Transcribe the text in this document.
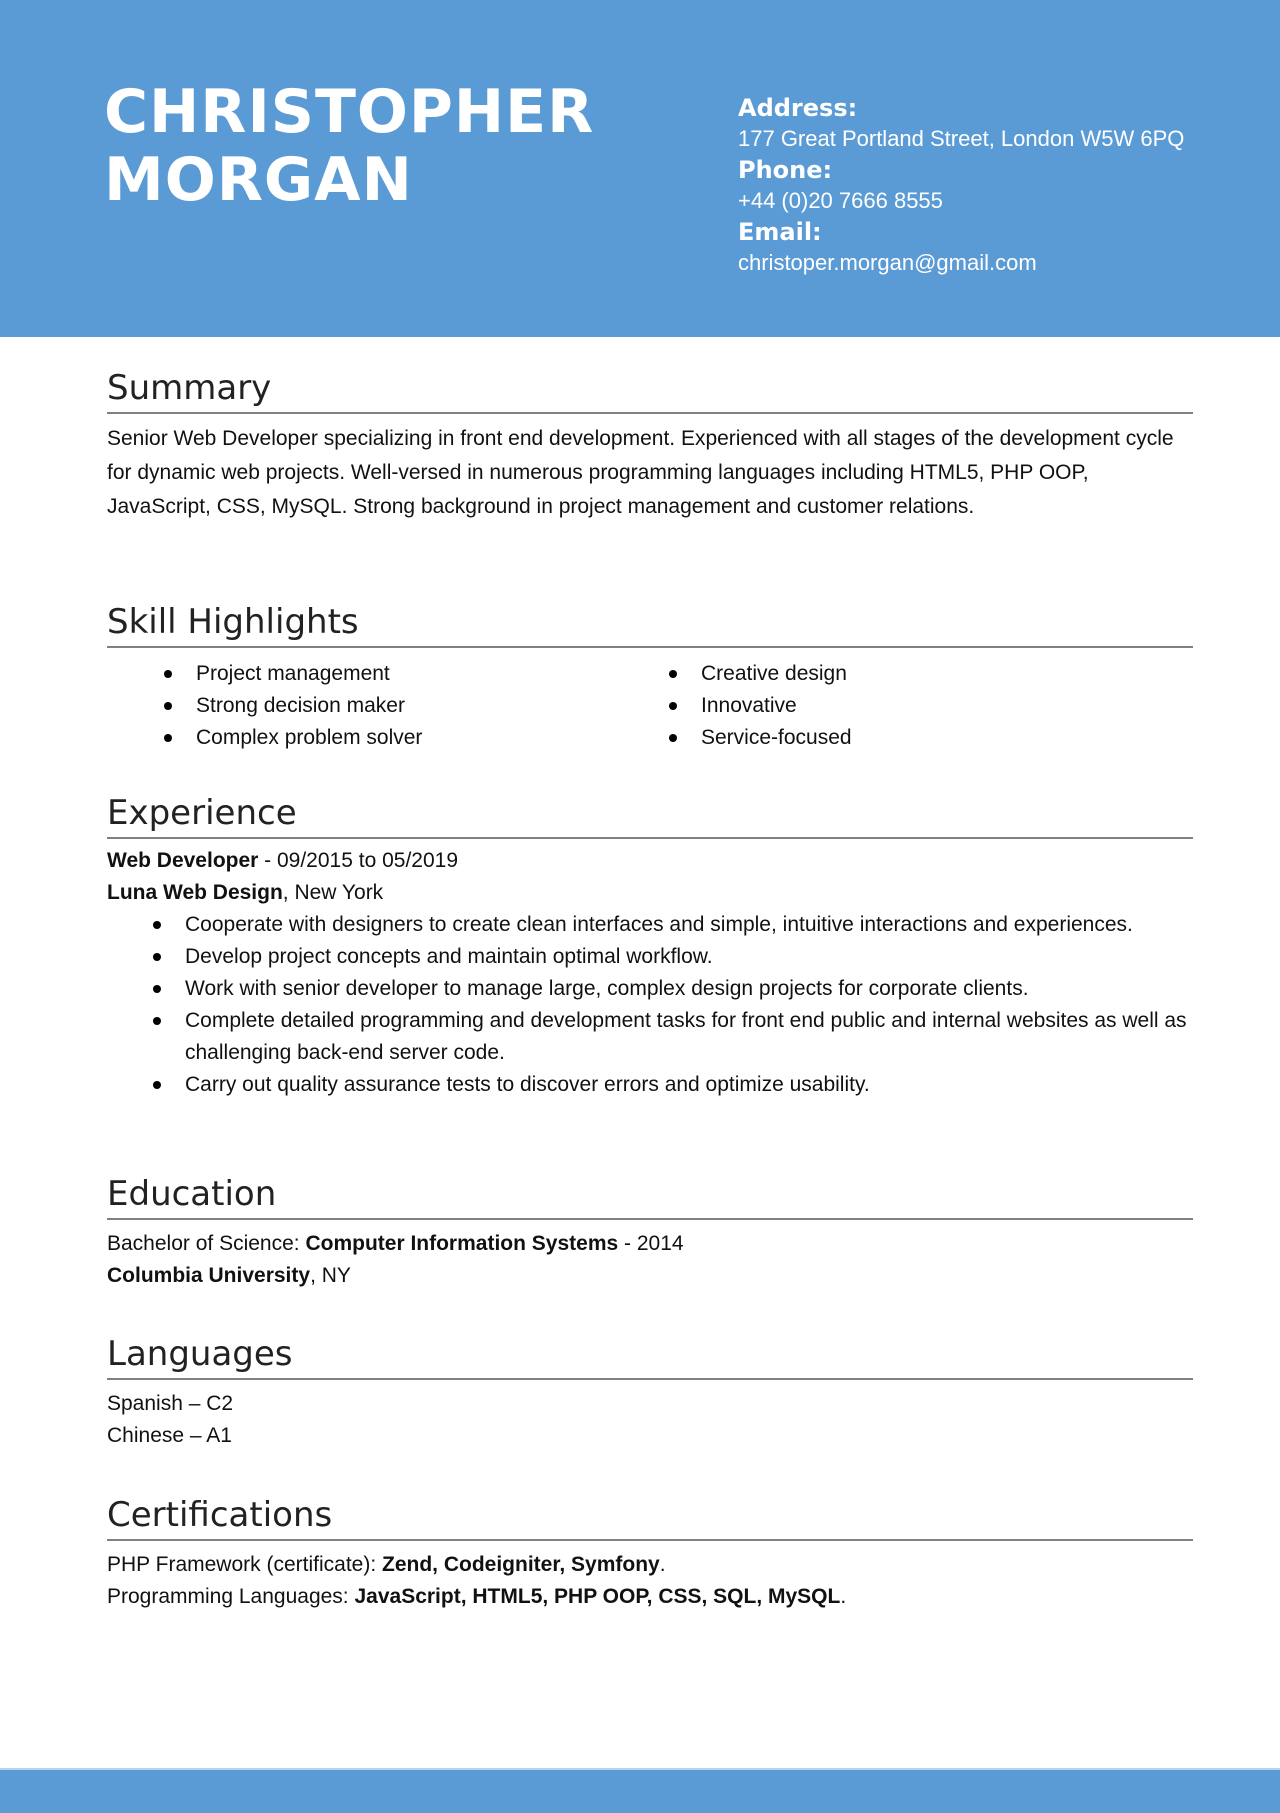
CHRISTOPHER
MORGAN
Address:
177 Great Portland Street, London W5W 6PQ
Phone:
+44 (0)20 7666 8555
Email:
christoper.morgan@gmail.com
Summary
Senior Web Developer specializing in front end development. Experienced with all stages of the development cycle for dynamic web projects. Well-versed in numerous programming languages including HTML5, PHP OOP, JavaScript, CSS, MySQL. Strong background in project management and customer relations.
Skill Highlights
Project management
Strong decision maker
Complex problem solver
Creative design
Innovative
Service-focused
Experience
Web Developer - 09/2015 to 05/2019
Luna Web Design, New York
Cooperate with designers to create clean interfaces and simple, intuitive interactions and experiences.
Develop project concepts and maintain optimal workflow.
Work with senior developer to manage large, complex design projects for corporate clients.
Complete detailed programming and development tasks for front end public and internal websites as well as challenging back-end server code.
Carry out quality assurance tests to discover errors and optimize usability.
Education
Bachelor of Science: Computer Information Systems - 2014
Columbia University, NY
Languages
Spanish – C2
Chinese – A1
Certifications
PHP Framework (certificate): Zend, Codeigniter, Symfony.
Programming Languages: JavaScript, HTML5, PHP OOP, CSS, SQL, MySQL.
